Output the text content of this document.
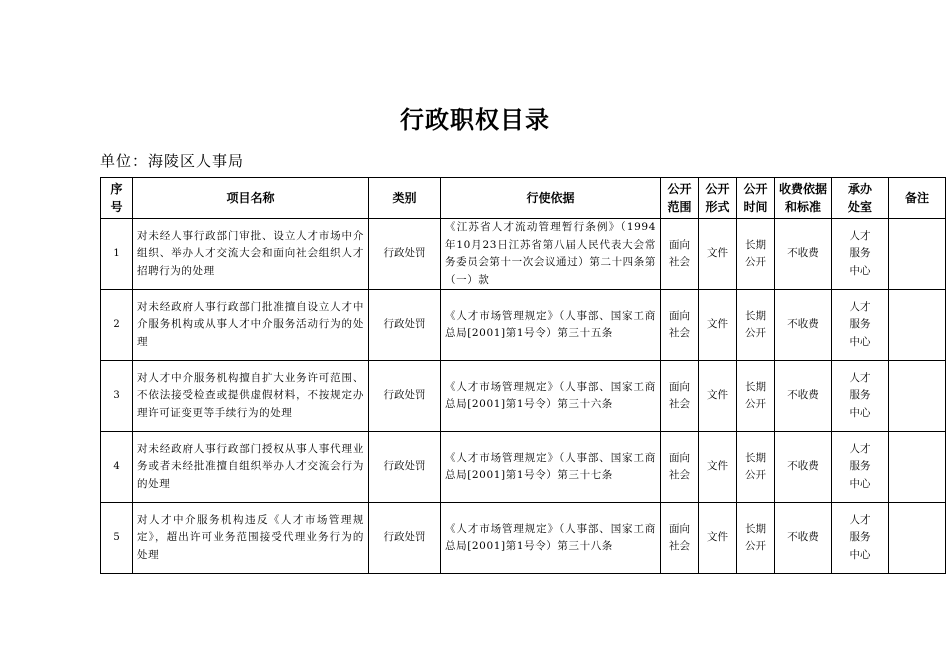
行政职权目录
单位：海陵区人事局
序号	项目名称	类别	行使依据	公开范围	公开形式	公开时间	收费依据和标准	承办处室	备注
1	对未经人事行政部门审批、设立人才市场中介组织、举办人才交流大会和面向社会组织人才招聘行为的处理	行政处罚	《江苏省人才流动管理暂行条例》（1994年10月23日江苏省第八届人民代表大会常务委员会第十一次会议通过）第二十四条第（一）款	面向社会	文件	长期公开	不收费	人才服务中心	

2	对未经政府人事行政部门批准擅自设立人才中介服务机构或从事人才中介服务活动行为的处理	行政处罚	《人才市场管理规定》（人事部、国家工商总局[2001]第1号令）第三十五条	面向社会	文件	长期公开	不收费	人才服务中心	

3	对人才中介服务机构擅自扩大业务许可范围、不依法接受检查或提供虚假材料，不按规定办理许可证变更等手续行为的处理	行政处罚	《人才市场管理规定》（人事部、国家工商总局[2001]第1号令）第三十六条	面向社会	文件	长期公开	不收费	人才服务中心	

4	对未经政府人事行政部门授权从事人事代理业务或者未经批准擅自组织举办人才交流会行为的处理	行政处罚	《人才市场管理规定》（人事部、国家工商总局[2001]第1号令）第三十七条	面向社会	文件	长期公开	不收费	人才服务中心	

5	对人才中介服务机构违反《人才市场管理规定》，超出许可业务范围接受代理业务行为的处理	行政处罚	《人才市场管理规定》（人事部、国家工商总局[2001]第1号令）第三十八条	面向社会	文件	长期公开	不收费	人才服务中心	
